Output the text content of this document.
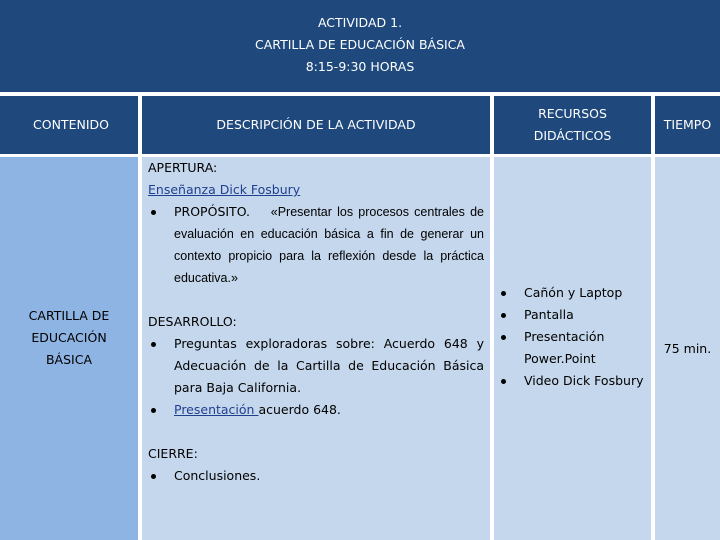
ACTIVIDAD 1.
CARTILLA DE EDUCACIÓN BÁSICA
8:15-9:30 HORAS
CONTENIDO	DESCRIPCIÓN DE LA ACTIVIDAD
RECURSOS
DIDÁCTICOS
TIEMPO
CARTILLA DE
EDUCACIÓN
BÁSICA
APERTURA:
Enseñanza Dick Fosbury
PROPÓSITO. «Presentar los procesos centrales de evaluación en educación básica a fin de generar un contexto propicio para la reflexión desde la práctica educativa.»
DESARROLLO:
Preguntas exploradoras sobre: Acuerdo 648 y Adecuación de la Cartilla de Educación Básica para Baja California.
Presentación acuerdo 648.
CIERRE:
Conclusiones.
Cañón y Laptop
Pantalla
Presentación
Power.Point
Video Dick Fosbury
75 min.
